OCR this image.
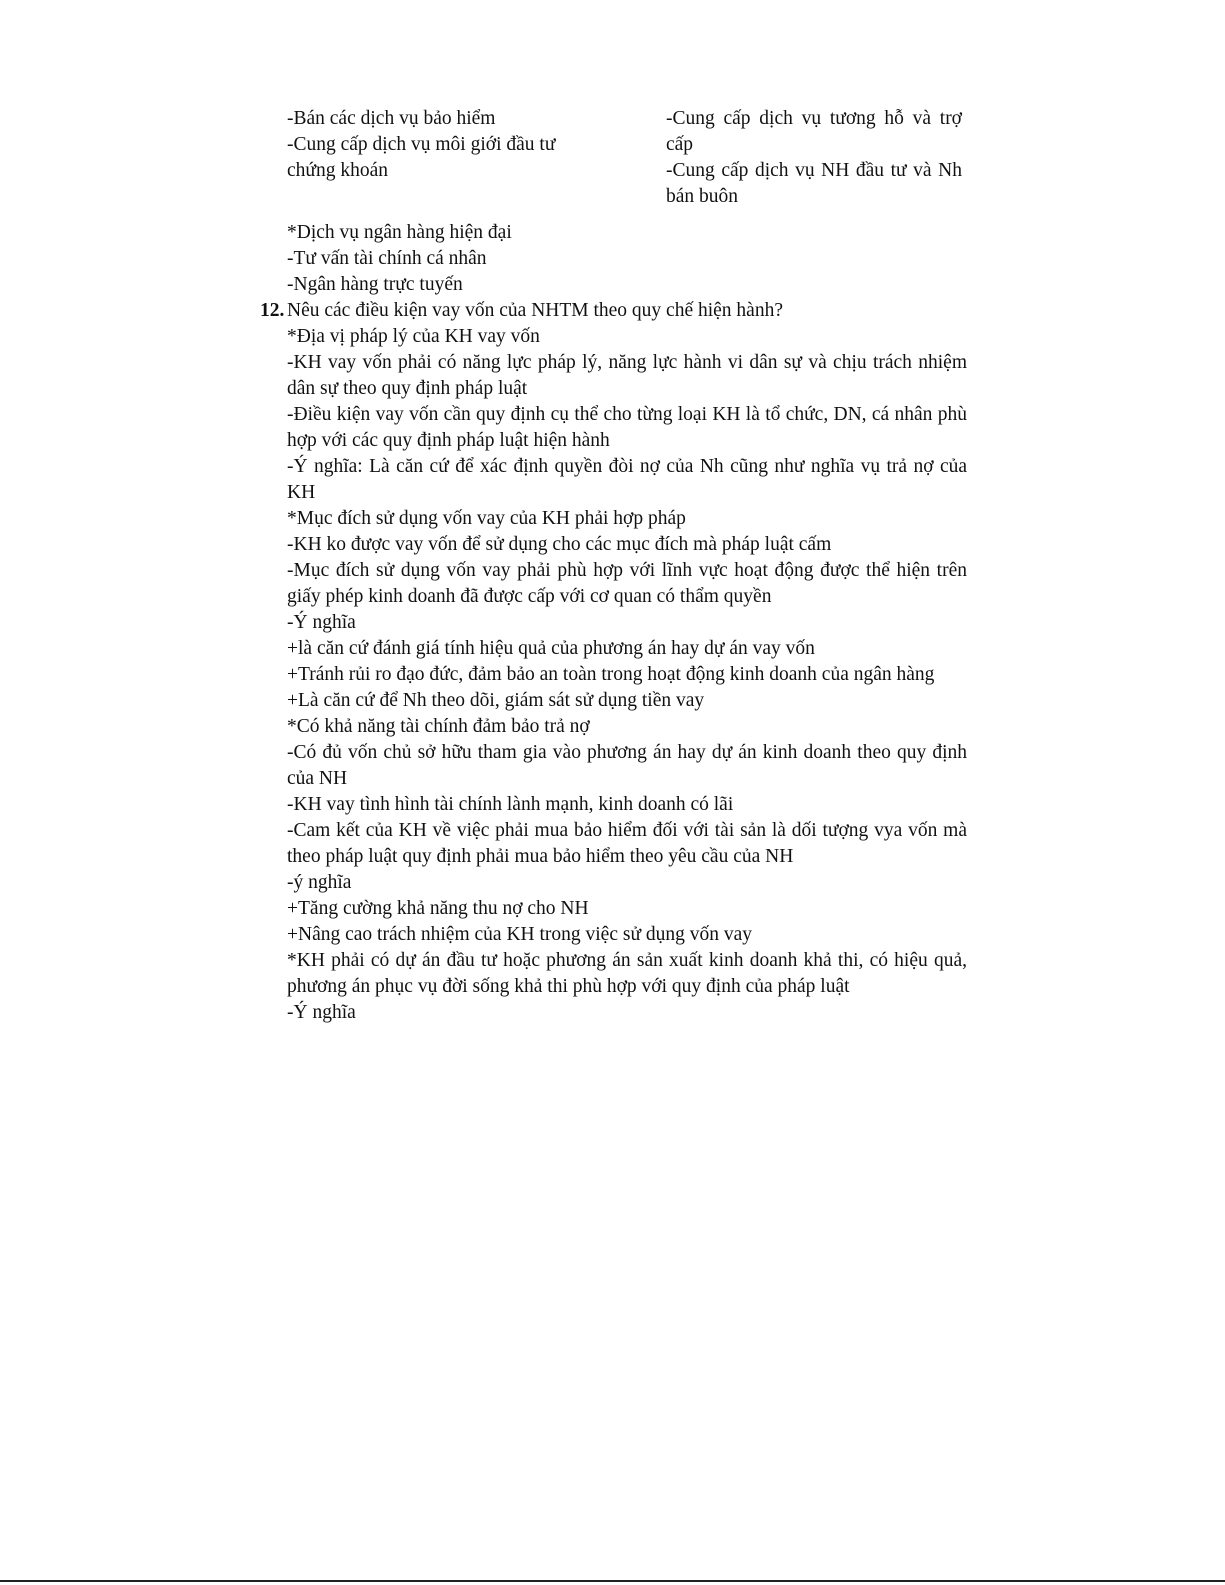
-Bán các dịch vụ bảo hiểm
-Cung cấp dịch vụ môi giới đầu tư chứng khoán
-Cung cấp dịch vụ tương hỗ và trợ cấp
-Cung cấp dịch vụ NH đầu tư và Nh bán buôn

*Dịch vụ ngân hàng hiện đại

-Tư vấn tài chính cá nhân

-Ngân hàng trực tuyến

12. Nêu các điều kiện vay vốn của NHTM theo quy chế hiện hành?

*Địa vị pháp lý của KH vay vốn

-KH vay vốn phải có năng lực pháp lý, năng lực hành vi dân sự và chịu trách nhiệm dân sự theo quy định pháp luật

-Điều kiện vay vốn cần quy định cụ thể cho từng loại KH là tổ chức, DN, cá nhân phù hợp với các quy định pháp luật hiện hành

-Ý nghĩa: Là căn cứ để xác định quyền đòi nợ của Nh cũng như nghĩa vụ trả nợ của KH

*Mục đích sử dụng vốn vay của KH phải hợp pháp

-KH ko được vay vốn để sử dụng cho các mục đích mà pháp luật cấm

-Mục đích sử dụng vốn vay phải phù hợp với lĩnh vực hoạt động được thể hiện trên giấy phép kinh doanh đã được cấp với cơ quan có thẩm quyền

-Ý nghĩa

+là căn cứ đánh giá tính hiệu quả của phương án hay dự án vay vốn

+Tránh rủi ro đạo đức, đảm bảo an toàn trong hoạt động kinh doanh của ngân hàng

+Là căn cứ để Nh theo dõi, giám sát sử dụng tiền vay

*Có khả năng tài chính đảm bảo trả nợ

-Có đủ vốn chủ sở hữu tham gia vào phương án hay dự án kinh doanh theo quy định của NH

-KH vay tình hình tài chính lành mạnh, kinh doanh có lãi

-Cam kết của KH về việc phải mua bảo hiểm đối với tài sản là dối tượng vya vốn mà theo pháp luật quy định phải mua bảo hiểm theo yêu cầu của NH

-ý nghĩa

+Tăng cường khả năng thu nợ cho NH

+Nâng cao trách nhiệm của KH trong việc sử dụng vốn vay

*KH phải có dự án đầu tư hoặc phương án sản xuất kinh doanh khả thi, có hiệu quả, phương án phục vụ đời sống khả thi phù hợp với quy định của pháp luật

-Ý nghĩa
